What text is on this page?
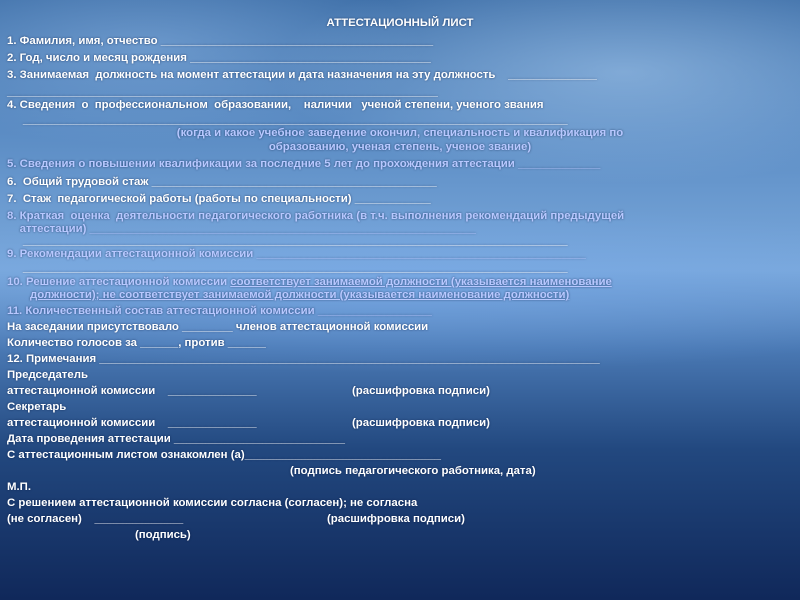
АТТЕСТАЦИОННЫЙ ЛИСТ
1. Фамилия, имя, отчество ___________________________________________
2. Год, число и месяц рождения ______________________________________
3. Занимаемая  должность на момент аттестации и дата назначения на эту должность    ______________
____________________________________________________________________
4. Сведения  о  профессиональном  образовании,    наличии   ученой степени, ученого звания
______________________________________________________________________________________
(когда и какое учебное заведение окончил, специальность и квалификация по
образованию, ученая степень, ученое звание)
5. Сведения о повышении квалификации за последние 5 лет до прохождения аттестации _____________
6.  Общий трудовой стаж _____________________________________________
7.  Стаж  педагогической работы (работы по специальности) ____________
8. Краткая  оценка  деятельности педагогического работника (в т.ч. выполнения рекомендаций предыдущей
аттестации) _____________________________________________________________
______________________________________________________________________________________
9. Рекомендации аттестационной комиссии ____________________________________________________
______________________________________________________________________________________
10. Решение аттестационной комиссии соответствует занимаемой должности (указывается наименование
должности); не соответствует занимаемой должности (указывается наименование должности)
11. Количественный состав аттестационной комиссии __________________
На заседании присутствовало ________ членов аттестационной комиссии
Количество голосов за ______, против ______
12. Примечания _______________________________________________________________________________
Председатель
аттестационной комиссии    ______________	(расшифровка подписи)
Секретарь
аттестационной комиссии    ______________	(расшифровка подписи)
Дата проведения аттестации ___________________________
С аттестационным листом ознакомлен (а)_______________________________
(подпись педагогического работника, дата)
М.П.
С решением аттестационной комиссии согласна (согласен); не согласна
(не согласен)    ______________	(расшифровка подписи)
(подпись)
